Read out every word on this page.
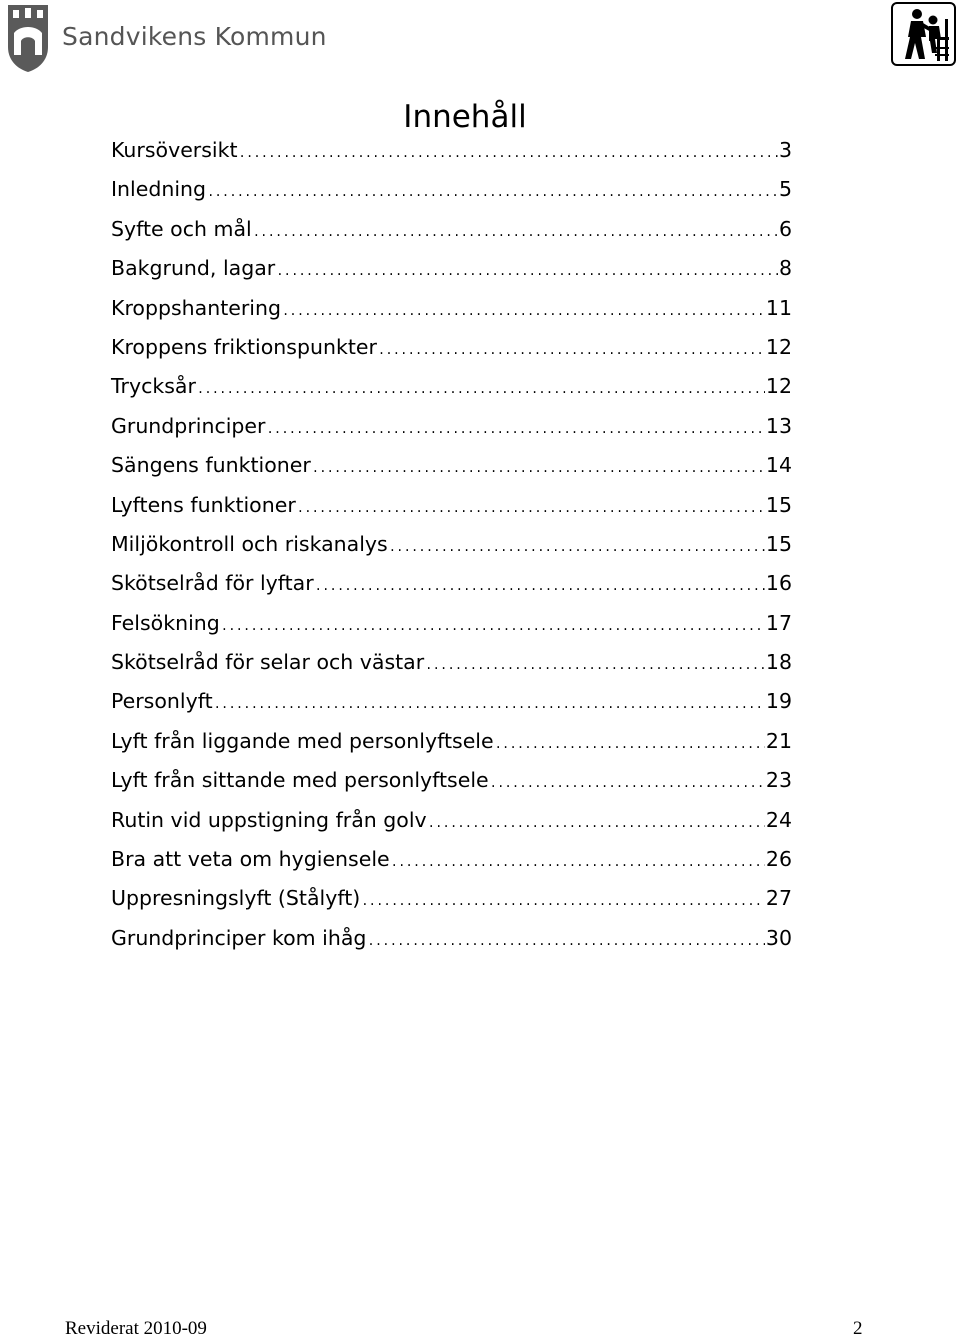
Sandvikens Kommun
Innehåll
Kursöversikt .....	3
Inledning .....	5
Syfte och mål .....	6
Bakgrund, lagar .....	8
Kroppshantering .....	11
Kroppens friktionspunkter .....	12
Trycksår .....	12
Grundprinciper .....	13
Sängens funktioner .....	14
Lyftens funktioner .....	15
Miljökontroll och riskanalys .....	15
Skötselråd för lyftar .....	16
Felsökning .....	17
Skötselråd för selar och västar .....	18
Personlyft .....	19
Lyft från liggande med personlyftsele .....	21
Lyft från sittande med personlyftsele .....	23
Rutin vid uppstigning från golv .....	24
Bra att veta om hygiensele .....	26
Uppresningslyft (Stålyft) .....	27
Grundprinciper kom ihåg .....	30
Reviderat 2010-09	2
